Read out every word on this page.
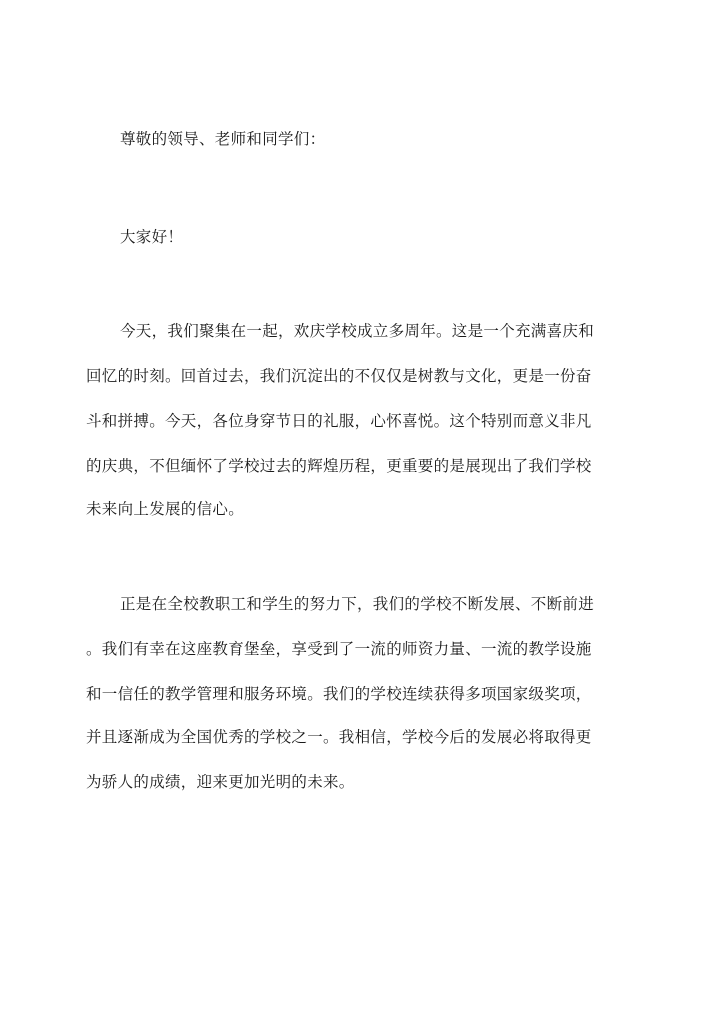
尊敬的领导、老师和同学们：
大家好！
今天，我们聚集在一起，欢庆学校成立多周年。这是一个充满喜庆和
回忆的时刻。回首过去，我们沉淀出的不仅仅是树教与文化，更是一份奋
斗和拼搏。今天，各位身穿节日的礼服，心怀喜悦。这个特别而意义非凡
的庆典，不但缅怀了学校过去的辉煌历程，更重要的是展现出了我们学校
未来向上发展的信心。
正是在全校教职工和学生的努力下，我们的学校不断发展、不断前进
。我们有幸在这座教育堡垒，享受到了一流的师资力量、一流的教学设施
和一信任的教学管理和服务环境。我们的学校连续获得多项国家级奖项，
并且逐渐成为全国优秀的学校之一。我相信，学校今后的发展必将取得更
为骄人的成绩，迎来更加光明的未来。
